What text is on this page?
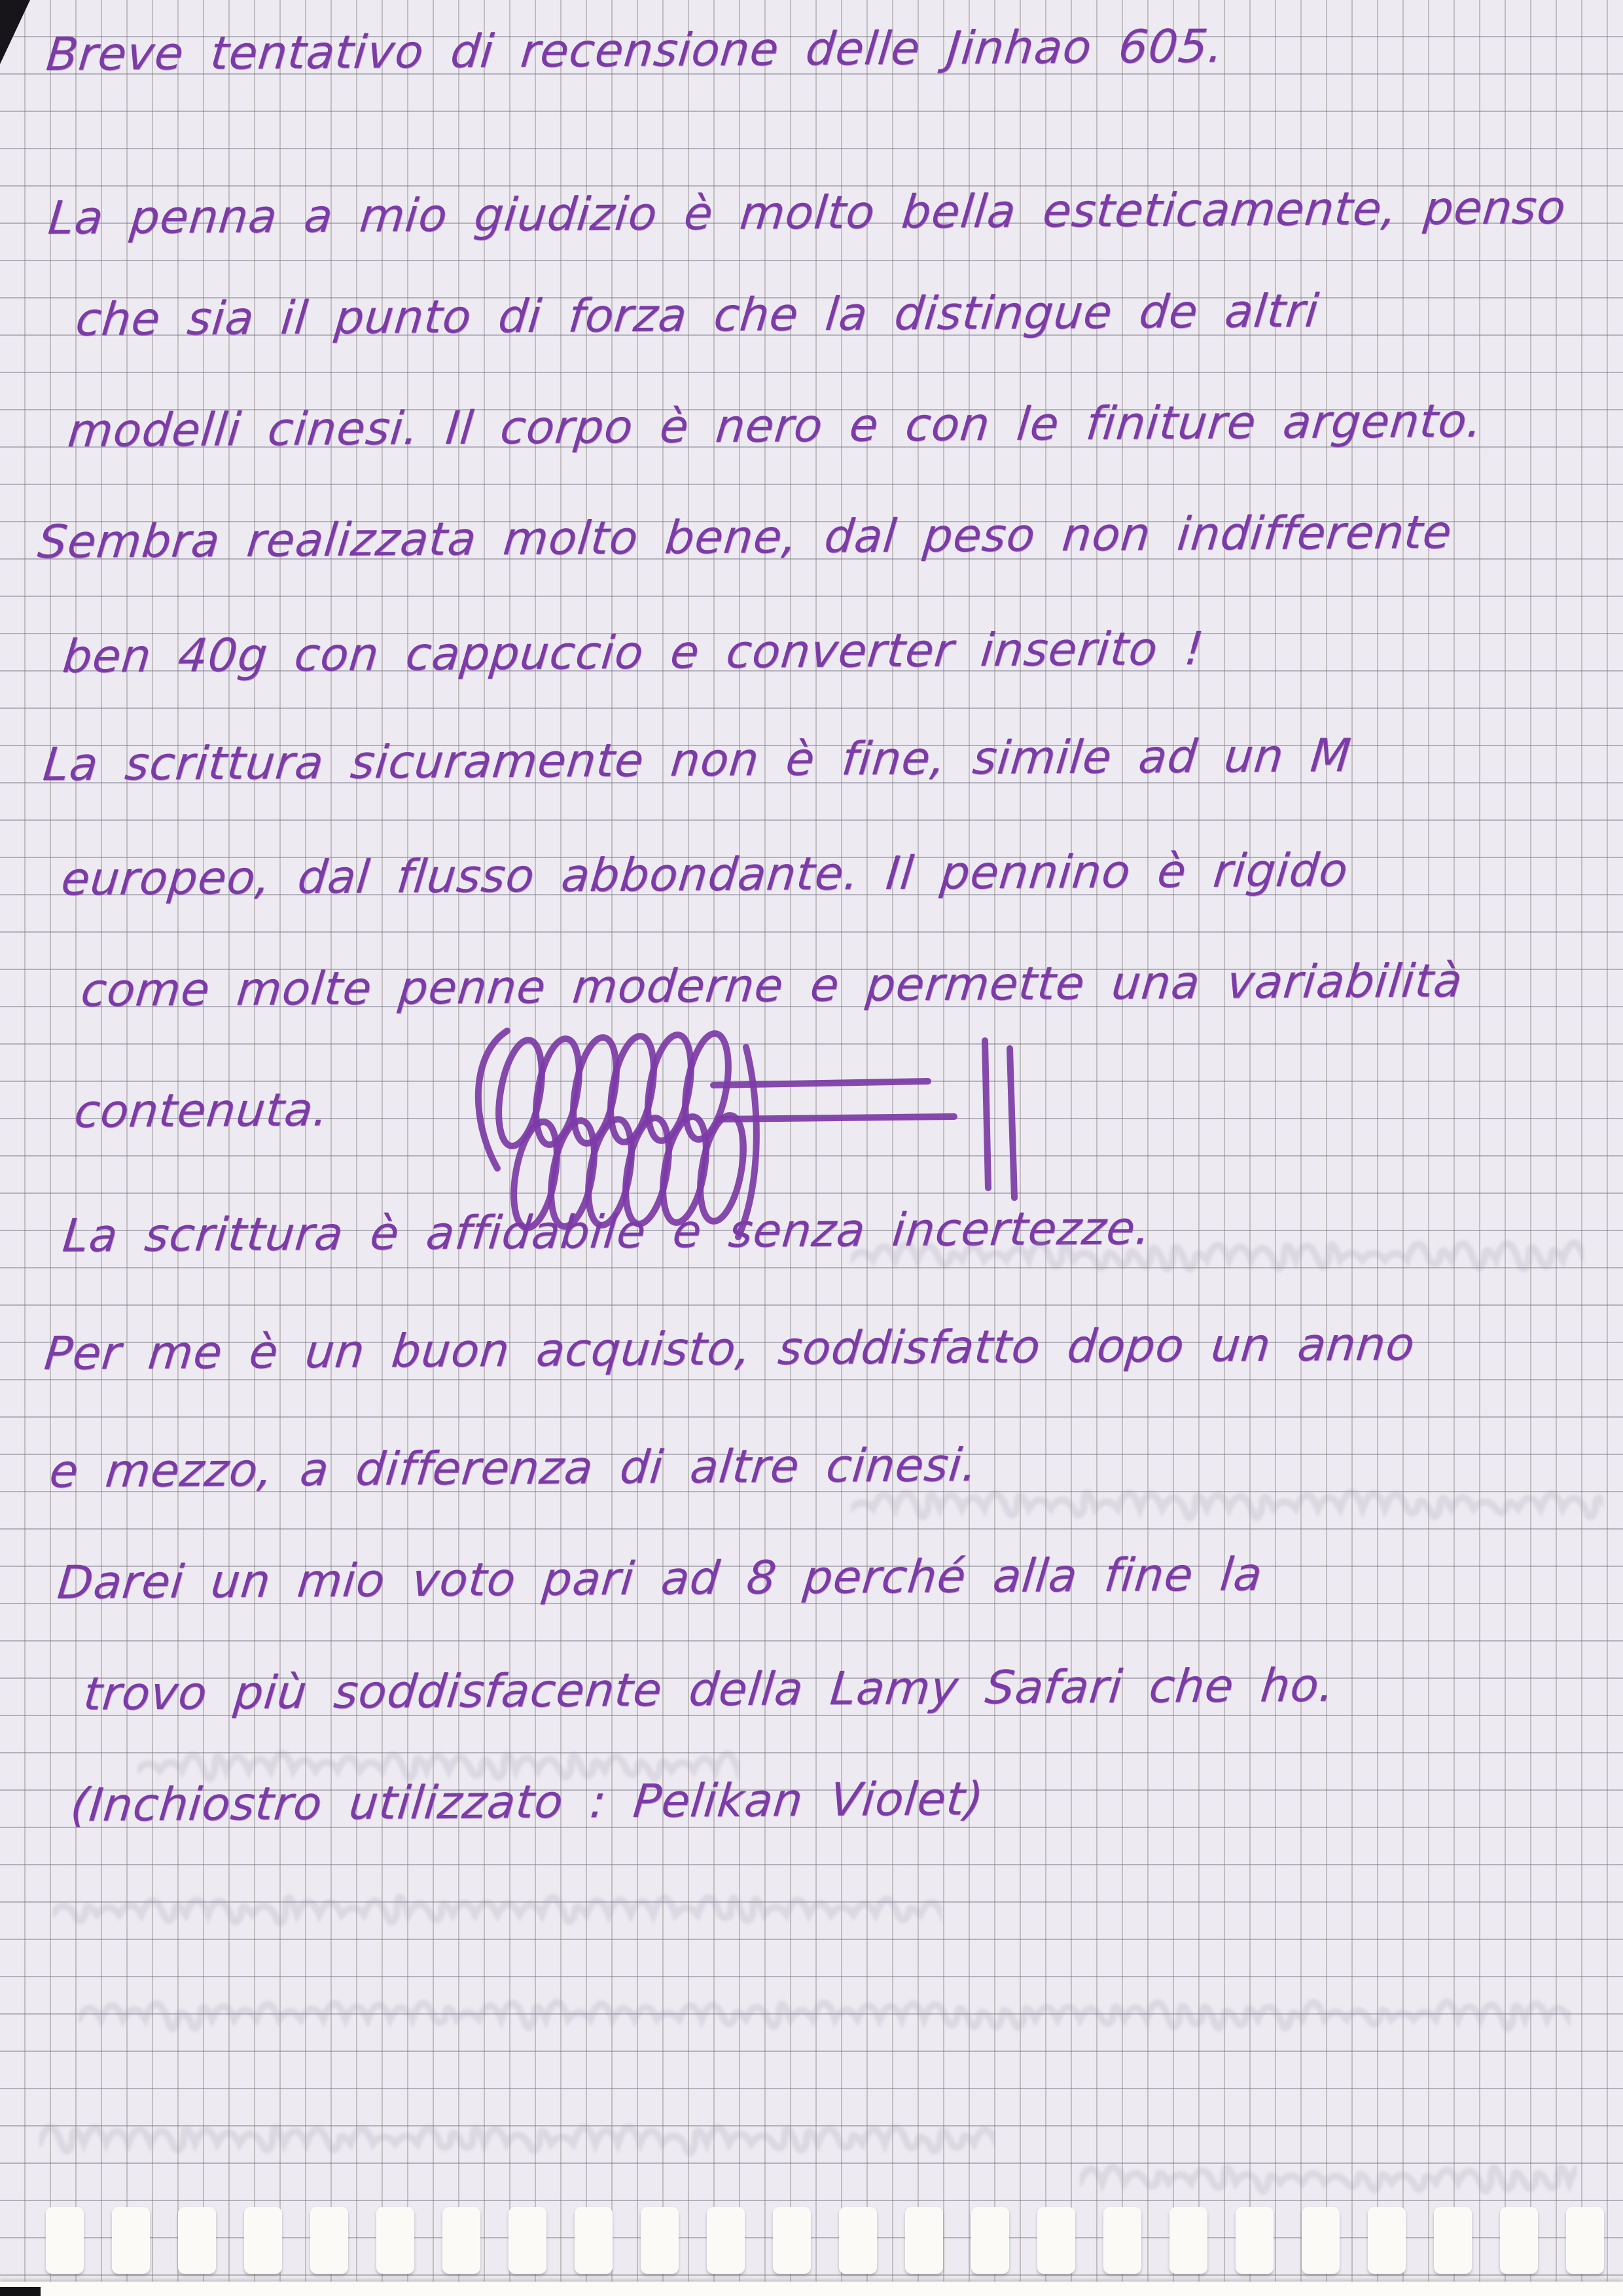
Breve tentativo di recensione delle Jinhao 605.
La penna a mio giudizio è molto bella esteticamente, penso
che sia il punto di forza che la distingue de altri
modelli cinesi. Il corpo è nero e con le finiture argento.
Sembra realizzata molto bene, dal peso non indifferente
ben 40g con cappuccio e converter inserito !
La scrittura sicuramente non è fine, simile ad un M
europeo, dal flusso abbondante. Il pennino è rigido
come molte penne moderne e permette una variabilità
contenuta.
La scrittura è affidabile e senza incertezze.
Per me è un buon acquisto, soddisfatto dopo un anno
e mezzo, a differenza di altre cinesi.
Darei un mio voto pari ad 8 perché alla fine la
trovo più soddisfacente della Lamy Safari che ho.
(Inchiostro utilizzato : Pelikan Violet)
